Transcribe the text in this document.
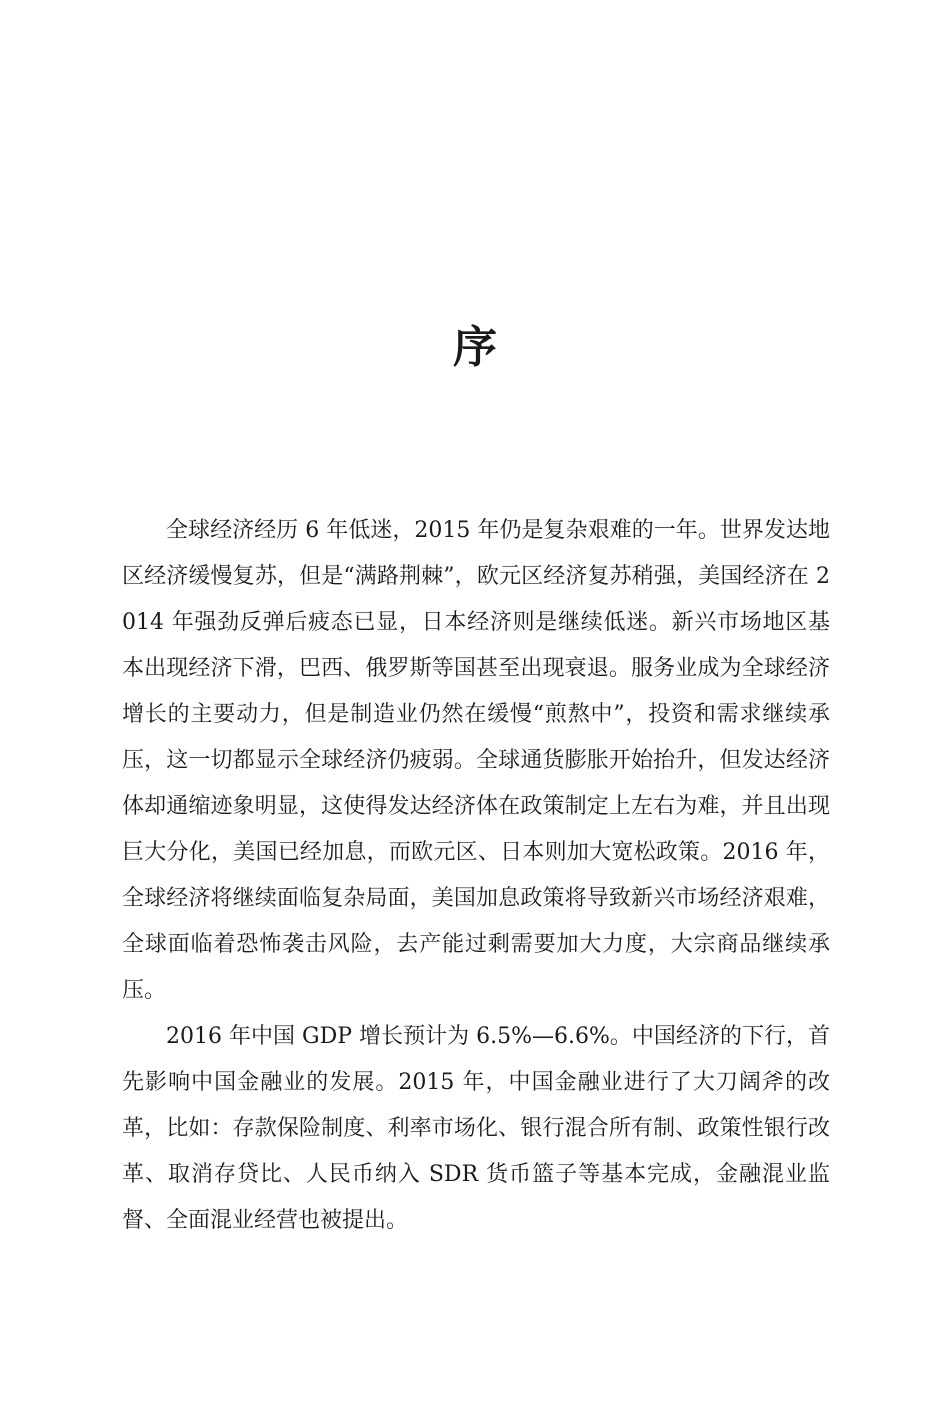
序

全球经济经历 6 年低迷，2015 年仍是复杂艰难的一年。世界发达地区经济缓慢复苏，但是“满路荆棘”，欧元区经济复苏稍强，美国经济在 2014 年强劲反弹后疲态已显，日本经济则是继续低迷。新兴市场地区基本出现经济下滑，巴西、俄罗斯等国甚至出现衰退。服务业成为全球经济增长的主要动力，但是制造业仍然在缓慢“煎熬中”，投资和需求继续承压，这一切都显示全球经济仍疲弱。全球通货膨胀开始抬升，但发达经济体却通缩迹象明显，这使得发达经济体在政策制定上左右为难，并且出现巨大分化，美国已经加息，而欧元区、日本则加大宽松政策。2016 年，全球经济将继续面临复杂局面，美国加息政策将导致新兴市场经济艰难，全球面临着恐怖袭击风险，去产能过剩需要加大力度，大宗商品继续承压。

2016 年中国 GDP 增长预计为 6.5%—6.6%。中国经济的下行，首先影响中国金融业的发展。2015 年，中国金融业进行了大刀阔斧的改革，比如：存款保险制度、利率市场化、银行混合所有制、政策性银行改革、取消存贷比、人民币纳入 SDR 货币篮子等基本完成，金融混业监督、全面混业经营也被提出。
